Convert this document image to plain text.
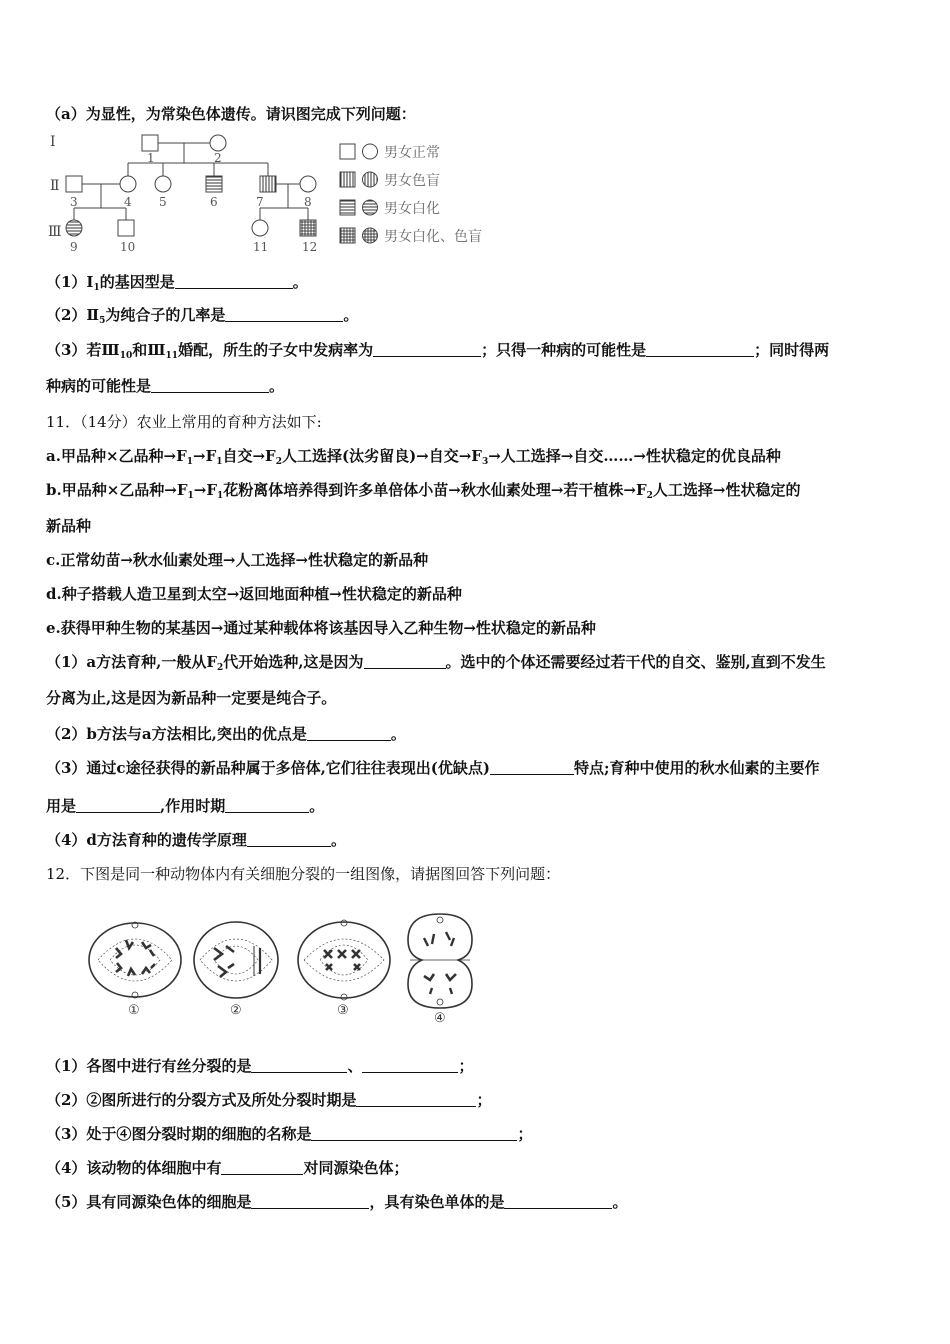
（a）为显性，为常染色体遗传。请识图完成下列问题：
Ⅰ
Ⅱ
Ⅲ
1	2
3	4 5	6	7	8
9	10	11	12
男女正常
男女色盲
男女白化
男女白化、色盲
$(1)Ⅰ_1$的基因型是	。
$(2)Ⅱ_5$为纯合子的几率是	。
（3）若$Ⅲ_{10}$和$Ⅲ_{11}$婚配，所生的子女中发病率为	；只得一种病的可能性是	；同时得两
种病的可能性是	。
11．（14分）农业上常用的育种方法如下:
a.甲品种×乙品种$\to F_1\to F_1$自交$\to F_2$人工选择(汰劣留良)→自交$\to F_3\to$人工选择→自交……→性状稳定的优良品种
b.甲品种×乙品种$\to F_1\to F_1$花粉离体培养得到许多单倍体小苗→秋水仙素处理→若干植株$\to F_2$人工选择→性状稳定的
新品种
c.正常幼苗→秋水仙素处理→人工选择→性状稳定的新品种
d.种子搭载人造卫星到太空→返回地面种植→性状稳定的新品种
e.获得甲种生物的某基因→通过某种载体将该基因导入乙种生物→性状稳定的新品种
（1）a方法育种,一般从$F_2$代开始选种,这是因为	。选中的个体还需要经过若干代的自交、鉴别,直到不发生
分离为止,这是因为新品种一定要是纯合子。
（2）b方法与a方法相比,突出的优点是	。
（3）通过c途径获得的新品种属于多倍体,它们往往表现出(优缺点)	特点;育种中使用的秋水仙素的主要作
用是	,作用时期	。
（4）d方法育种的遗传学原理	。
12．下图是同一种动物体内有关细胞分裂的一组图像，请据图回答下列问题：
①	②	③
④
（1）各图中进行有丝分裂的是	、	；
（2）②图所进行的分裂方式及所处分裂时期是	；
（3）处于④图分裂时期的细胞的名称是	；
（4）该动物的体细胞中有	对同源染色体；
（5）具有同源染色体的细胞是	，具有染色单体的是	。
